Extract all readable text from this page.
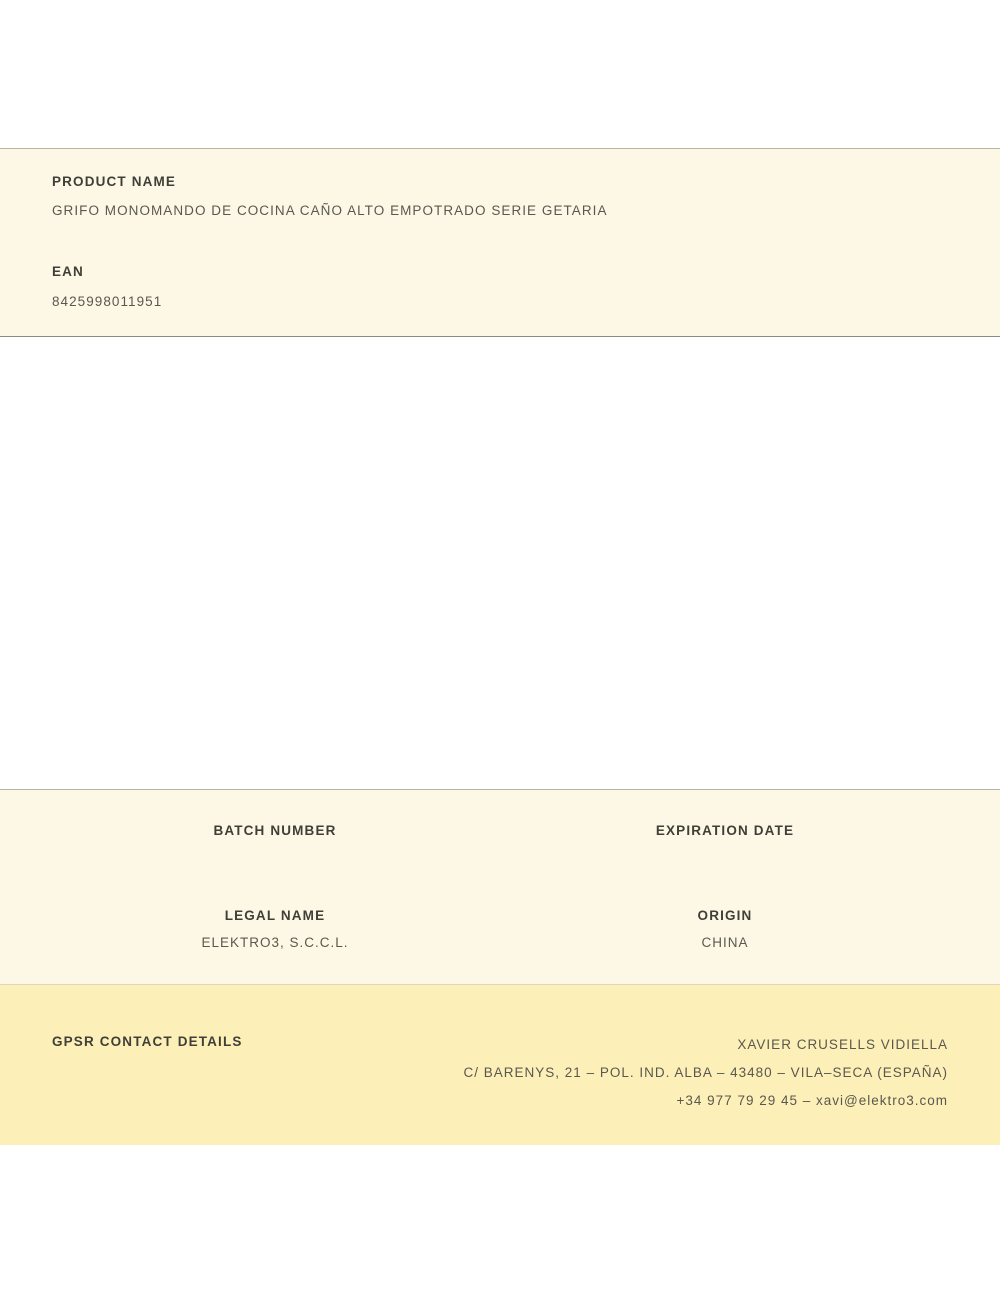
PRODUCT NAME
GRIFO MONOMANDO DE COCINA CAÑO ALTO EMPOTRADO SERIE GETARIA
EAN
8425998011951
BATCH NUMBER	EXPIRATION DATE
LEGAL NAME
ELEKTRO3, S.C.C.L.
ORIGIN
CHINA
GPSR CONTACT DETAILS	XAVIER CRUSELLS VIDIELLA
C/ BARENYS, 21 – POL. IND. ALBA – 43480 – VILA–SECA (ESPAÑA)
+34 977 79 29 45 – xavi@elektro3.com
